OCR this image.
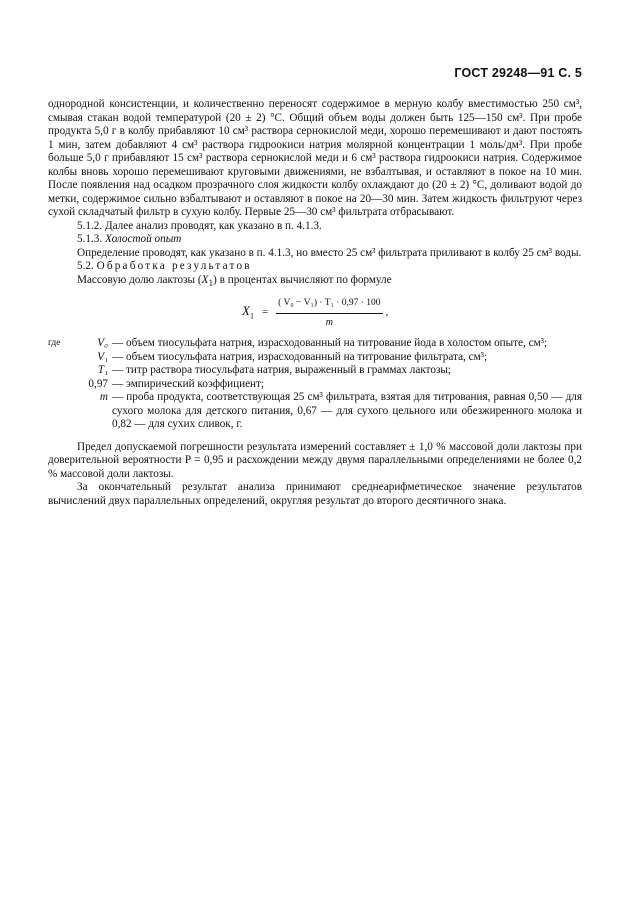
ГОСТ 29248—91 С. 5

однородной консистенции, и количественно переносят содержимое в мерную колбу вместимостью 250 см³, смывая стакан водой температурой (20 ± 2) °С. Общий объем воды должен быть 125—150 см³. При пробе продукта 5,0 г в колбу прибавляют 10 см³ раствора сернокислой меди, хорошо перемешивают и дают постоять 1 мин, затем добавляют 4 см³ раствора гидроокиси натрия молярной концентрации 1 моль/дм³. При пробе больше 5,0 г прибавляют 15 см³ раствора сернокислой меди и 6 см³ раствора гидроокиси натрия. Содержимое колбы вновь хорошо перемешивают круговыми движениями, не взбалтывая, и оставляют в покое на 10 мин. После появления над осадком прозрачного слоя жидкости колбу охлаждают до (20 ± 2) °С, доливают водой до метки, содержимое сильно взбалтывают и оставляют в покое на 20—30 мин. Затем жидкость фильтруют через сухой складчатый фильтр в сухую колбу. Первые 25—30 см³ фильтрата отбрасывают.

5.1.2. Далее анализ проводят, как указано в п. 4.1.3.

5.1.3. Холостой опыт

Определение проводят, как указано в п. 4.1.3, но вместо 25 см³ фильтрата приливают в колбу 25 см³ воды.

5.2. Обработка результатов

Массовую долю лактозы $(X_1)$ в процентах вычисляют по формуле

$X_1 = \frac{\text{( V₀ − V₁) · T₁ · 0,97 · 100}}{m}$ ,
где	V₀ — объем тиосульфата натрия, израсходованный на титрование йода в холостом опыте, см³;
V₁ — объем тиосульфата натрия, израсходованный на титрование фильтрата, см³;
T₁ — титр раствора тиосульфата натрия, выраженный в граммах лактозы;
0,97 — эмпирический коэффициент;
m — проба продукта, соответствующая 25 см³ фильтрата, взятая для титрования, равная 0,50 — для сухого молока для детского питания, 0,67 — для сухого цельного или обезжиренного молока и 0,82 — для сухих сливок, г.

Предел допускаемой погрешности результата измерений составляет ± 1,0 % массовой доли лактозы при доверительной вероятности P = 0,95 и расхождении между двумя параллельными определениями не более 0,2 % массовой доли лактозы.

За окончательный результат анализа принимают среднеарифметическое значение результатов вычислений двух параллельных определений, округляя результат до второго десятичного знака.
